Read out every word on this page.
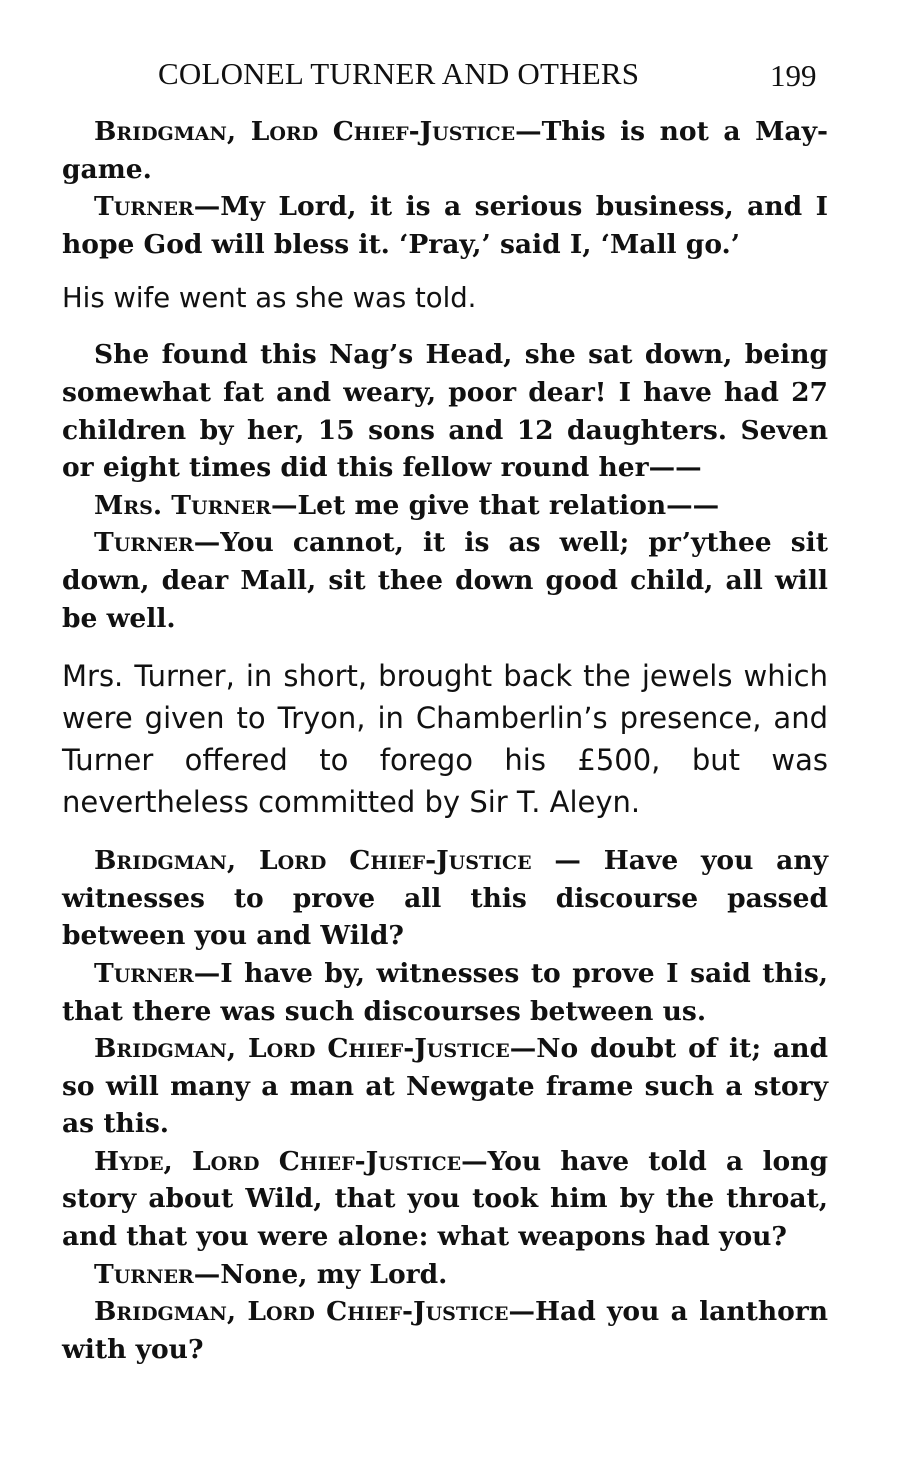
COLONEL TURNER AND OTHERS	199

Bridgman, Lord Chief-Justice—This is not a May-game.

Turner—My Lord, it is a serious business, and I hope God will bless it. ‘Pray,’ said I, ‘Mall go.’

His wife went as she was told.

She found this Nag’s Head, she sat down, being somewhat fat and weary, poor dear! I have had 27 children by her, 15 sons and 12 daughters. Seven or eight times did this fellow round her——

Mrs. Turner—Let me give that relation——

Turner—You cannot, it is as well; pr’ythee sit down, dear Mall, sit thee down good child, all will be well.

Mrs. Turner, in short, brought back the jewels which were given to Tryon, in Chamberlin’s presence, and Turner offered to forego his £500, but was nevertheless committed by Sir T. Aleyn.

Bridgman, Lord Chief-Justice — Have you any witnesses to prove all this discourse passed between you and Wild?

Turner—I have by, witnesses to prove I said this, that there was such discourses between us.

Bridgman, Lord Chief-Justice—No doubt of it; and so will many a man at Newgate frame such a story as this.

Hyde, Lord Chief-Justice—You have told a long story about Wild, that you took him by the throat, and that you were alone: what weapons had you?

Turner—None, my Lord.

Bridgman, Lord Chief-Justice—Had you a lanthorn with you?
